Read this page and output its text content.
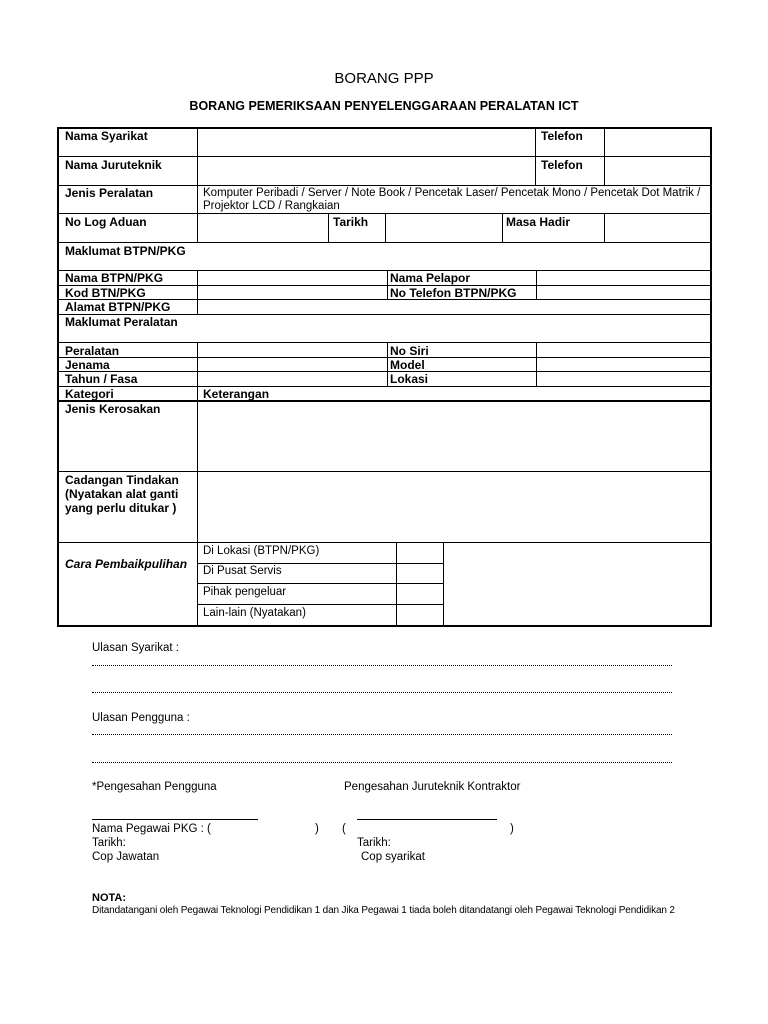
BORANG PPP
BORANG PEMERIKSAAN PENYELENGGARAAN PERALATAN ICT
Nama Syarikat	Telefon
Nama Juruteknik	Telefon
Jenis Peralatan	Komputer Peribadi / Server / Note Book / Pencetak Laser/ Pencetak Mono / Pencetak Dot Matrik /
Projektor LCD / Rangkaian
No Log Aduan	Tarikh	Masa Hadir
Maklumat BTPN/PKG
Nama BTPN/PKG	Nama Pelapor
Kod BTN/PKG	No Telefon BTPN/PKG
Alamat BTPN/PKG
Maklumat Peralatan
Peralatan	No Siri
Jenama	Model
Tahun / Fasa	Lokasi
Kategori	Keterangan
Jenis Kerosakan
Cadangan Tindakan
(Nyatakan alat ganti
yang perlu ditukar )
Cara Pembaikpulihan
Di Lokasi (BTPN/PKG)
Di Pusat Servis
Pihak pengeluar
Lain-lain (Nyatakan)
Ulasan Syarikat :
Ulasan Pengguna :
*Pengesahan Pengguna	Pengesahan Juruteknik Kontraktor
Nama Pegawai PKG : (	) (	)
Tarikh:	Tarikh:
Cop Jawatan	Cop syarikat
NOTA:
Ditandatangani oleh Pegawai Teknologi Pendidikan 1 dan Jika Pegawai 1 tiada boleh ditandatangi oleh Pegawai Teknologi Pendidikan 2
